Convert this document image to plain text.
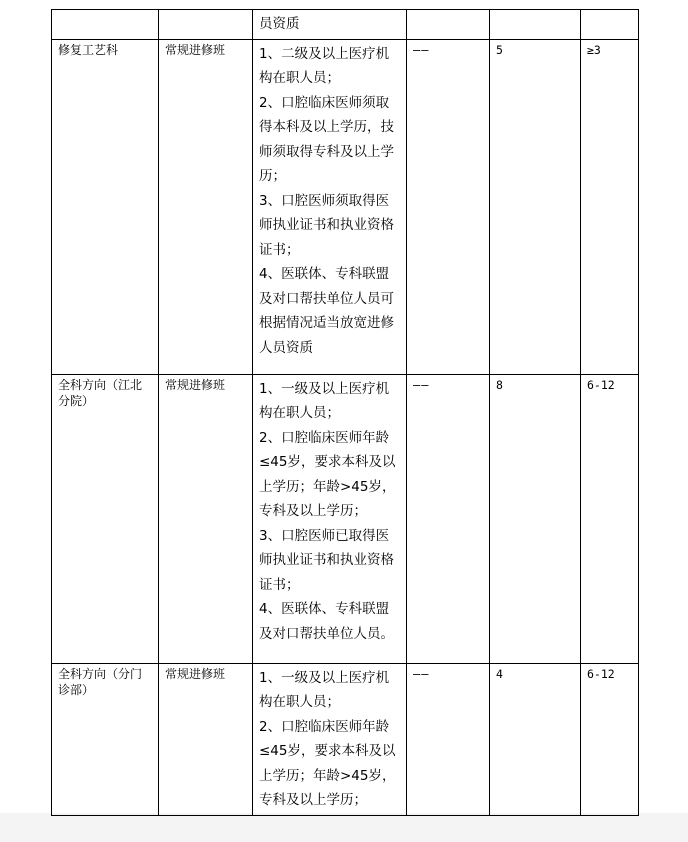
		员资质			
修复工艺科	常规进修班	1、二级及以上医疗机构在职人员；
2、口腔临床医师须取得本科及以上学历，技师须取得专科及以上学历；
3、口腔医师须取得医师执业证书和执业资格证书；
4、医联体、专科联盟及对口帮扶单位人员可根据情况适当放宽进修人员资质	——	5	≥3
全科方向（江北分院）	常规进修班	1、一级及以上医疗机构在职人员；
2、口腔临床医师年龄≤45岁，要求本科及以上学历；年龄>45岁，专科及以上学历；
3、口腔医师已取得医师执业证书和执业资格证书；
4、医联体、专科联盟及对口帮扶单位人员。	——	8	6-12
全科方向（分门诊部）	常规进修班	1、一级及以上医疗机构在职人员；
2、口腔临床医师年龄≤45岁，要求本科及以上学历；年龄>45岁，专科及以上学历；	——	4	6-12
